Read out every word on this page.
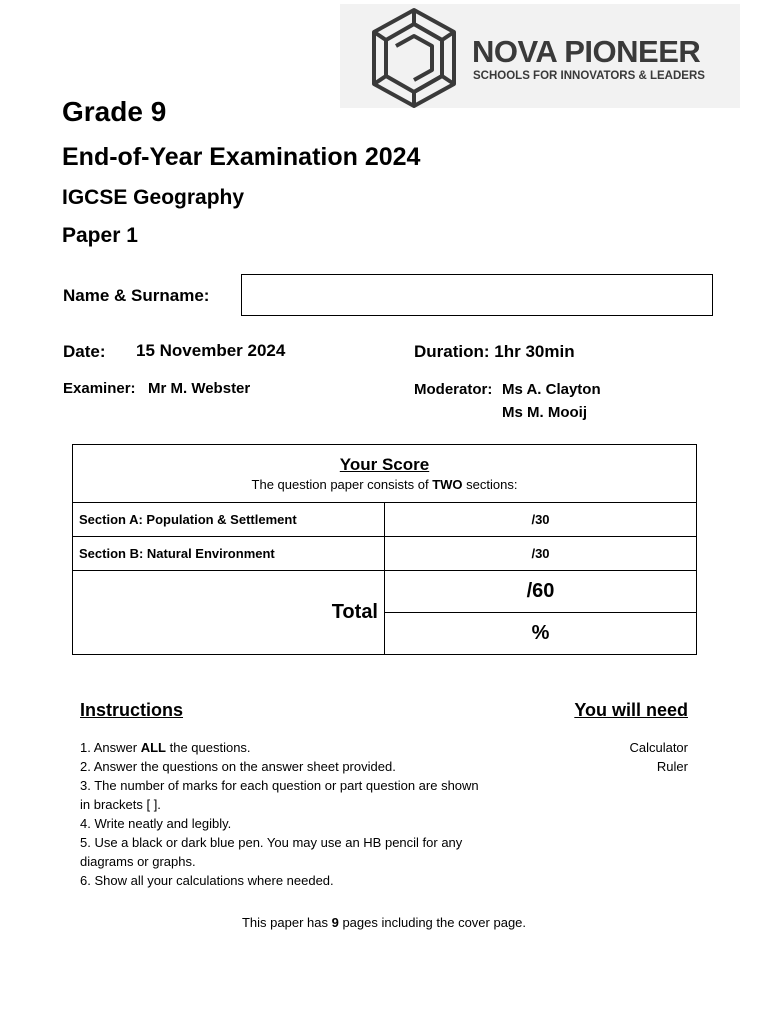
NOVA PIONEER
SCHOOLS FOR INNOVATORS & LEADERS
Grade 9
End-of-Year Examination 2024
IGCSE Geography
Paper 1
Name & Surname:
Date: 15 November 2024	Duration: 1hr 30min
Examiner: Mr M. Webster	Moderator: Ms A. Clayton
Ms M. Mooij
Your Score
The question paper consists of TWO sections:	

Section A: Population & Settlement	/30
Section B: Natural Environment	/30
Total	/60
	%
Instructions	You will need
1. Answer ALL the questions.
2. Answer the questions on the answer sheet provided.
3. The number of marks for each question or part question are shown in brackets [ ].
4. Write neatly and legibly.
5. Use a black or dark blue pen. You may use an HB pencil for any diagrams or graphs.
6. Show all your calculations where needed.
Calculator
Ruler
This paper has 9 pages including the cover page.
